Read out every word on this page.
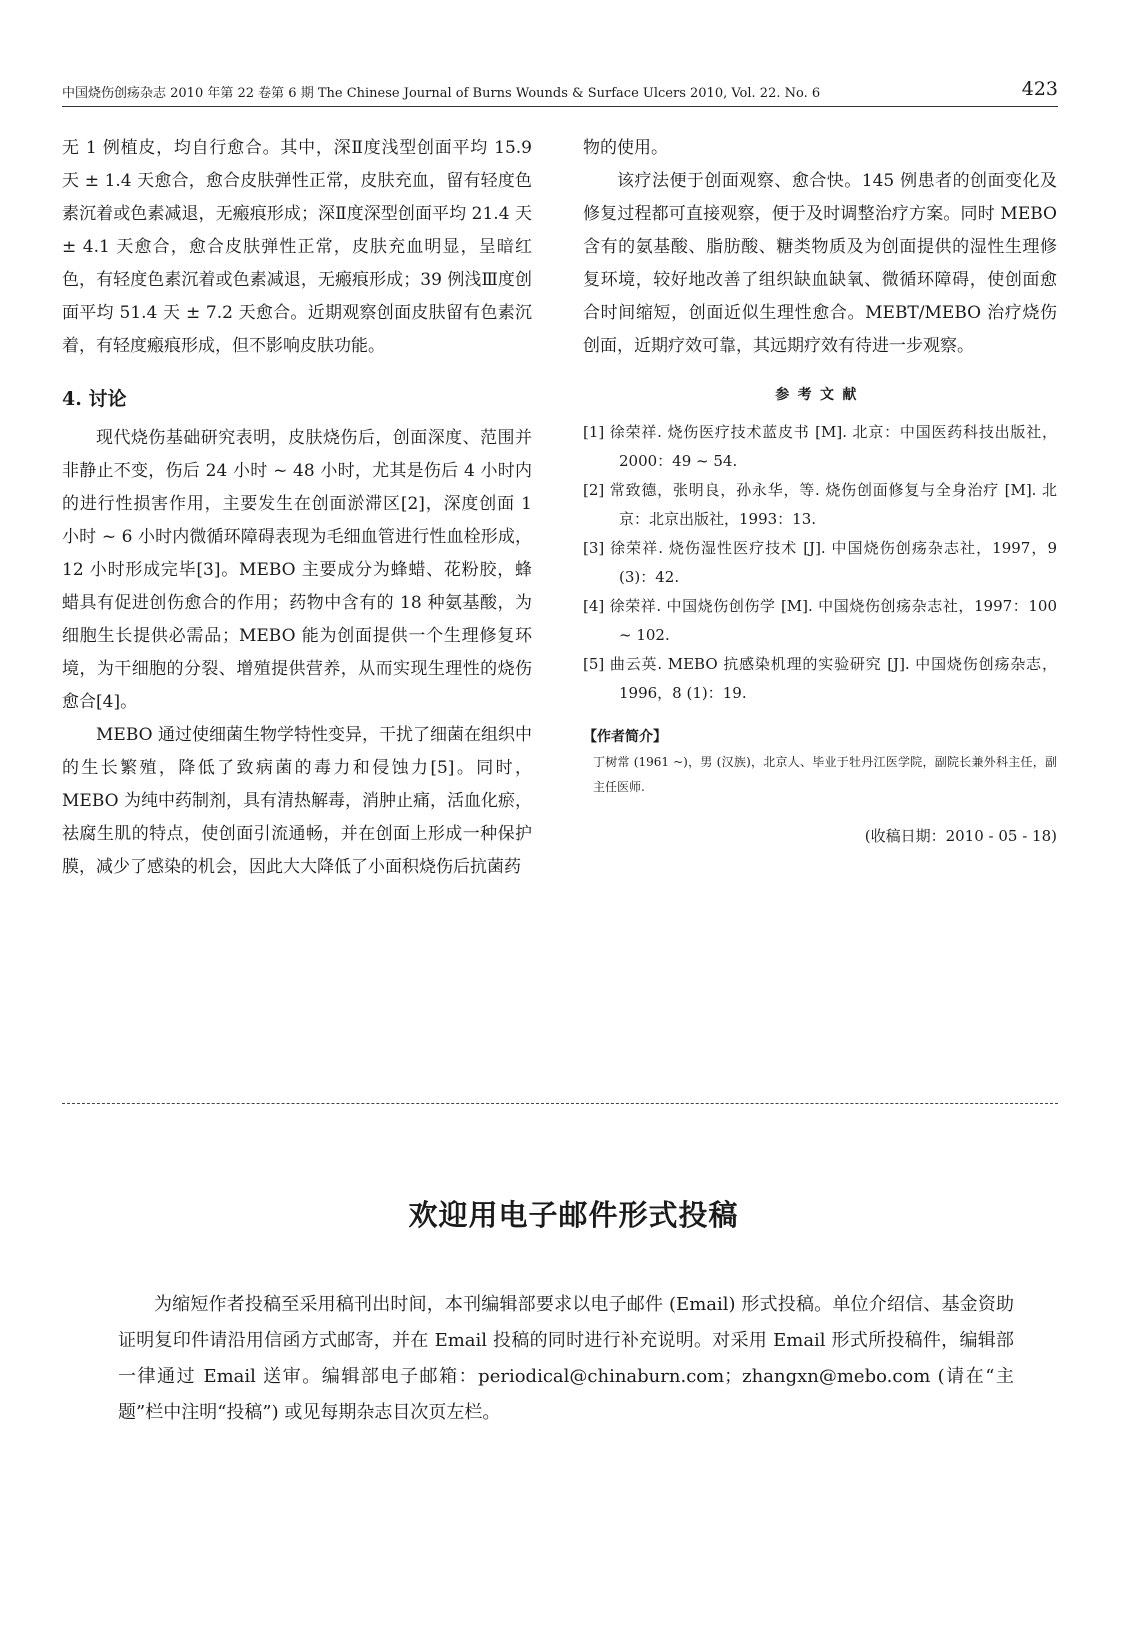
中国烧伤创疡杂志 2010 年第 22 卷第 6 期 The Chinese Journal of Burns Wounds & Surface Ulcers 2010, Vol. 22. No. 6	423

无 1 例植皮，均自行愈合。其中，深Ⅱ度浅型创面平均 15.9 天 ± 1.4 天愈合，愈合皮肤弹性正常，皮肤充血，留有轻度色素沉着或色素减退，无瘢痕形成；深Ⅱ度深型创面平均 21.4 天 ± 4.1 天愈合，愈合皮肤弹性正常，皮肤充血明显，呈暗红色，有轻度色素沉着或色素减退，无瘢痕形成；39 例浅Ⅲ度创面平均 51.4 天 ± 7.2 天愈合。近期观察创面皮肤留有色素沉着，有轻度瘢痕形成，但不影响皮肤功能。

4. 讨论

现代烧伤基础研究表明，皮肤烧伤后，创面深度、范围并非静止不变，伤后 24 小时 ~ 48 小时，尤其是伤后 4 小时内的进行性损害作用，主要发生在创面淤滞区[2]，深度创面 1 小时 ~ 6 小时内微循环障碍表现为毛细血管进行性血栓形成，12 小时形成完毕[3]。MEBO 主要成分为蜂蜡、花粉胶，蜂蜡具有促进创伤愈合的作用；药物中含有的 18 种氨基酸，为细胞生长提供必需品；MEBO 能为创面提供一个生理修复环境，为干细胞的分裂、增殖提供营养，从而实现生理性的烧伤愈合[4]。

MEBO 通过使细菌生物学特性变异，干扰了细菌在组织中的生长繁殖，降低了致病菌的毒力和侵蚀力[5]。同时，MEBO 为纯中药制剂，具有清热解毒，消肿止痛，活血化瘀，祛腐生肌的特点，使创面引流通畅，并在创面上形成一种保护膜，减少了感染的机会，因此大大降低了小面积烧伤后抗菌药

物的使用。

该疗法便于创面观察、愈合快。145 例患者的创面变化及修复过程都可直接观察，便于及时调整治疗方案。同时 MEBO 含有的氨基酸、脂肪酸、糖类物质及为创面提供的湿性生理修复环境，较好地改善了组织缺血缺氧、微循环障碍，使创面愈合时间缩短，创面近似生理性愈合。MEBT/MEBO 治疗烧伤创面，近期疗效可靠，其远期疗效有待进一步观察。

参考文献
[1] 徐荣祥. 烧伤医疗技术蓝皮书 [M]. 北京：中国医药科技出版社，2000：49 ~ 54.
[2] 常致德，张明良，孙永华，等. 烧伤创面修复与全身治疗 [M]. 北京：北京出版社，1993：13.
[3] 徐荣祥. 烧伤湿性医疗技术 [J]. 中国烧伤创疡杂志社，1997，9 (3)：42.
[4] 徐荣祥. 中国烧伤创伤学 [M]. 中国烧伤创疡杂志社，1997：100 ~ 102.
[5] 曲云英. MEBO 抗感染机理的实验研究 [J]. 中国烧伤创疡杂志，1996，8 (1)：19.
【作者简介】
丁树常 (1961 ~)，男 (汉族)，北京人、毕业于牡丹江医学院，副院长兼外科主任，副主任医师.
(收稿日期：2010 - 05 - 18)
欢迎用电子邮件形式投稿

为缩短作者投稿至采用稿刊出时间，本刊编辑部要求以电子邮件 (Email) 形式投稿。单位介绍信、基金资助证明复印件请沿用信函方式邮寄，并在 Email 投稿的同时进行补充说明。对采用 Email 形式所投稿件，编辑部一律通过 Email 送审。编辑部电子邮箱：periodical@chinaburn.com；zhangxn@mebo.com (请在“主题”栏中注明“投稿”) 或见每期杂志目次页左栏。
